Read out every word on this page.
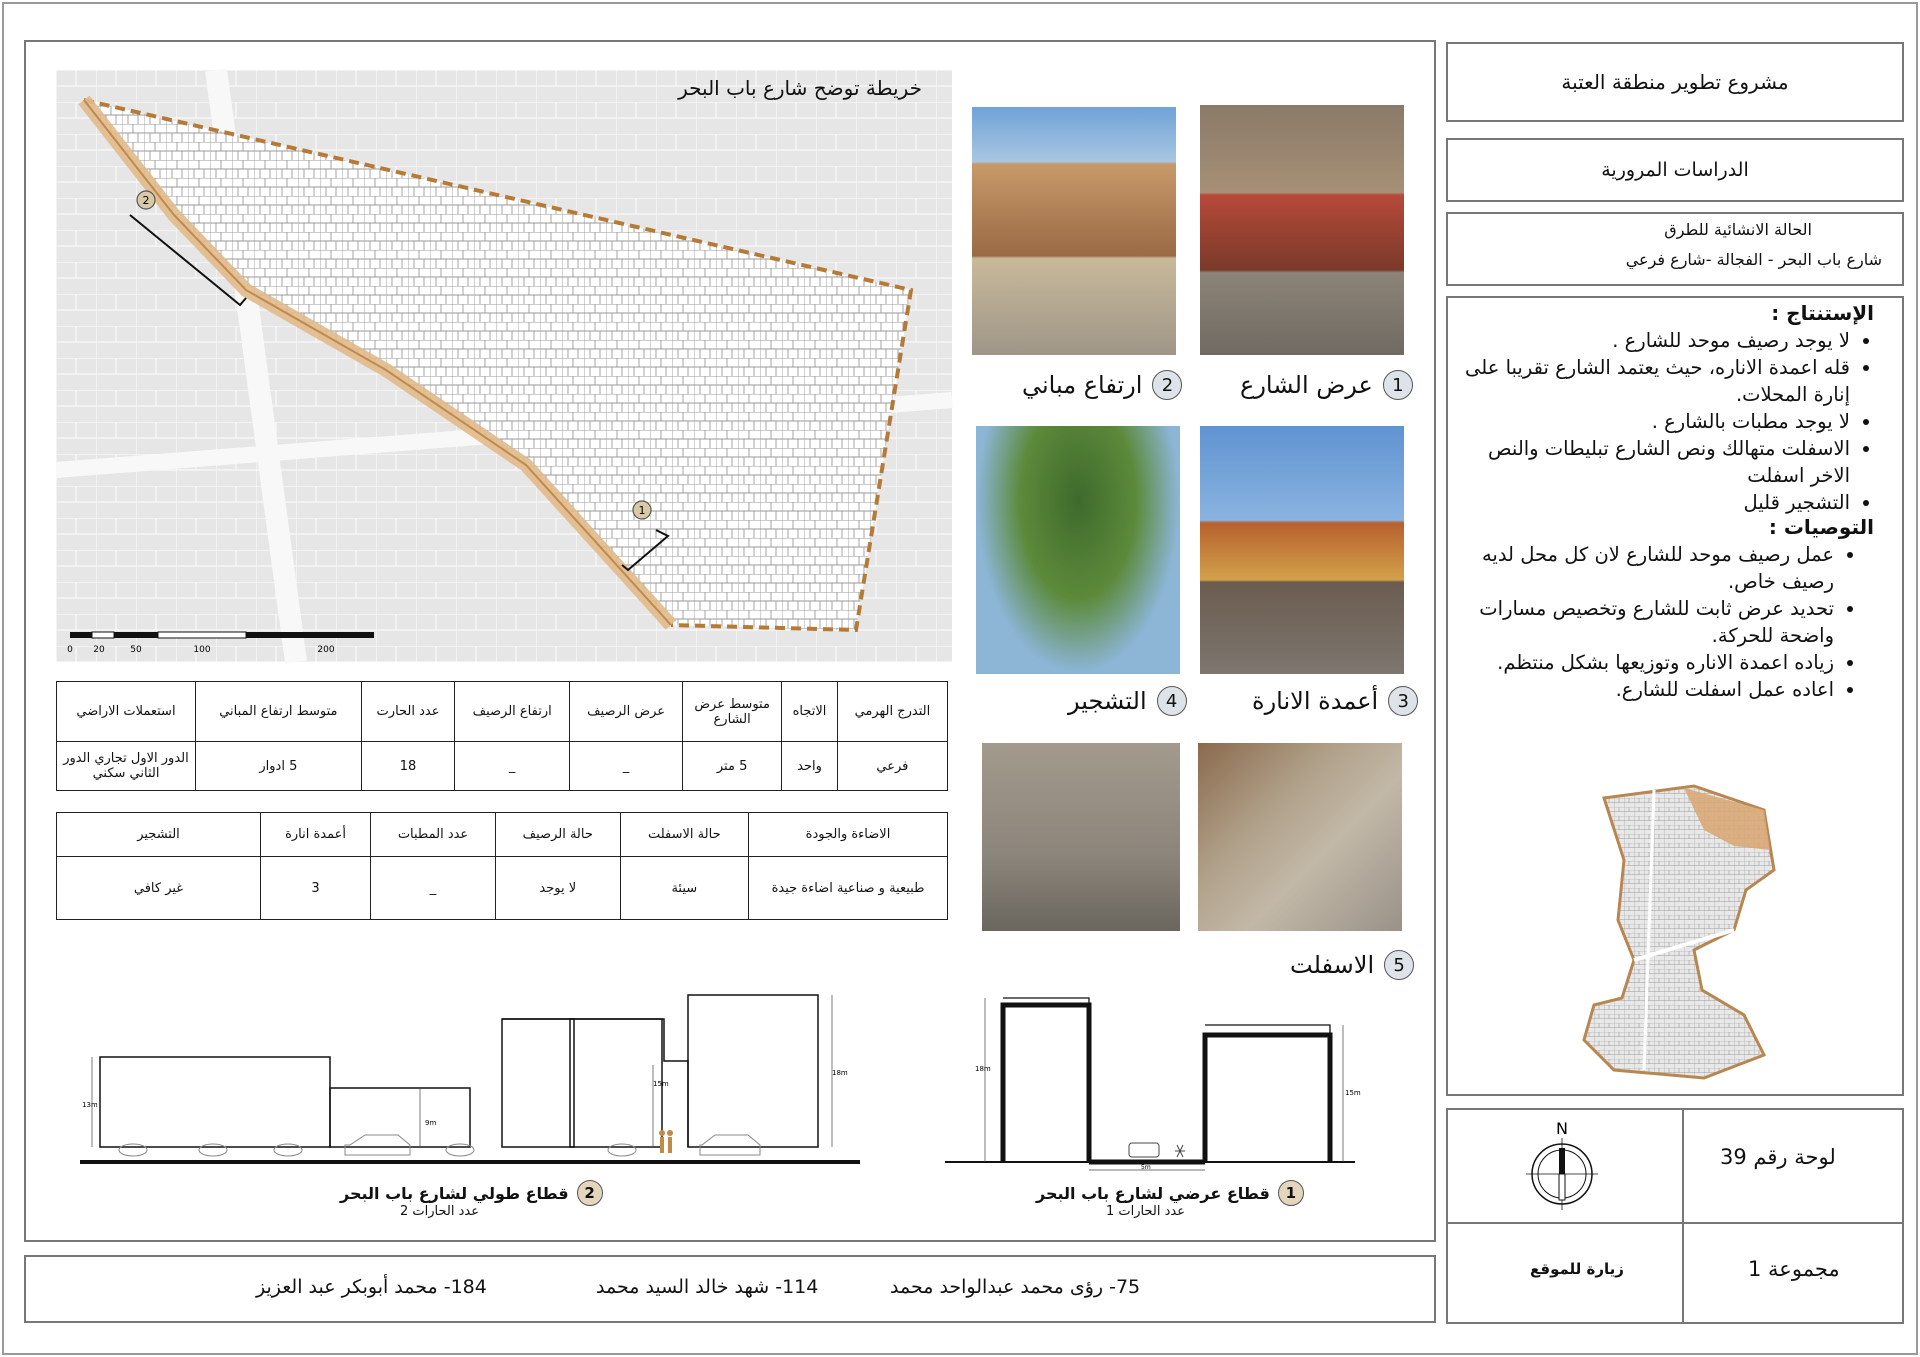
2
1
0 20	50	100	200
خريطة توضح شارع باب البحر
1
عرض الشارع
2
ارتفاع مباني
3
أعمدة الانارة
4
التشجير
5
الاسفلت
التدرج الهرمي	الاتجاه	متوسط عرض الشارع	عرض الرصيف	ارتفاع الرصيف	عدد الحارت	متوسط ارتفاع المباني	استعملات الاراضي
فرعي	واحد	5 متر	_	_	18	5 ادوار	الدور الاول تجاري الدور الثاني سكني
الاضاءة والجودة	حالة الاسفلت	حالة الرصيف	عدد المطبات	أعمدة انارة	التشجير
طبيعية و صناعية اضاءة جيدة	سيئة	لا يوجد	_	3	غير كافي
13m
9m
15m
18m
2
قطاع طولي لشارع باب البحر
عدد الحارات 2
18m
15m
5m
1
قطاع عرضي لشارع باب البحر
عدد الحارات 1
75- رؤى محمد عبدالواحد محمد
114- شهد خالد السيد محمد
184- محمد أبوبكر عبد العزيز
مشروع تطوير منطقة العتبة
الدراسات المرورية
الحالة الانشائية للطرق
شارع باب البحر - الفجالة -شارع فرعي
الإستنتاج :
• لا يوجد رصيف موحد للشارع .
• قله اعمدة الاناره، حيث يعتمد الشارع تقريبا على إنارة المحلات.
• لا يوجد مطبات بالشارع .
• الاسفلت متهالك ونص الشارع تبليطات والنص الاخر اسفلت
• التشجير قليل
التوصيات :
• عمل رصيف موحد للشارع لان كل محل لديه رصيف خاص.
• تحديد عرض ثابت للشارع وتخصيص مسارات واضحة للحركة.
• زياده اعمدة الاناره وتوزيعها بشكل منتظم.
• اعاده عمل اسفلت للشارع.
N
لوحة رقم 39
زيارة للموقع	مجموعة 1
